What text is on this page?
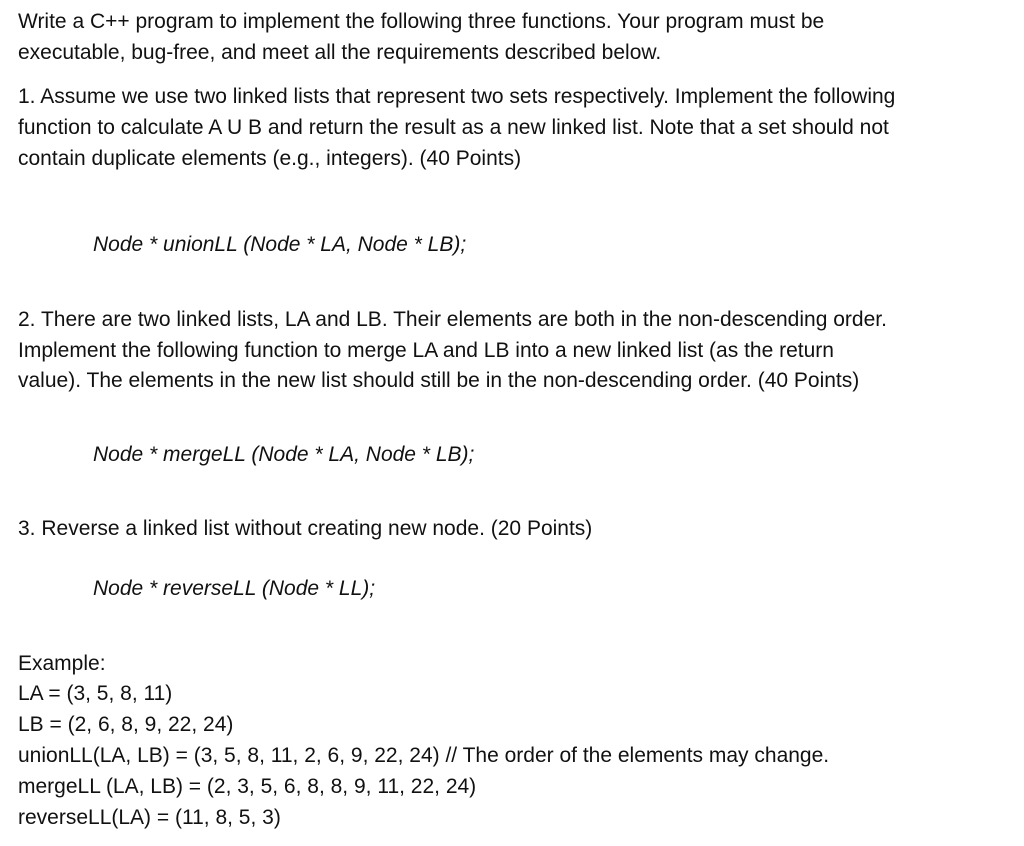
Write a C++ program to implement the following three functions. Your program must be
executable, bug-free, and meet all the requirements described below.
1. Assume we use two linked lists that represent two sets respectively. Implement the following
function to calculate A U B and return the result as a new linked list. Note that a set should not
contain duplicate elements (e.g., integers). (40 Points)
Node * unionLL (Node * LA, Node * LB);
2. There are two linked lists, LA and LB. Their elements are both in the non-descending order.
Implement the following function to merge LA and LB into a new linked list (as the return
value). The elements in the new list should still be in the non-descending order. (40 Points)
Node * mergeLL (Node * LA, Node * LB);
3. Reverse a linked list without creating new node. (20 Points)
Node * reverseLL (Node * LL);
Example:
LA = (3, 5, 8, 11)
LB = (2, 6, 8, 9, 22, 24)
unionLL(LA, LB) = (3, 5, 8, 11, 2, 6, 9, 22, 24) // The order of the elements may change.
mergeLL (LA, LB) = (2, 3, 5, 6, 8, 8, 9, 11, 22, 24)
reverseLL(LA) = (11, 8, 5, 3)
